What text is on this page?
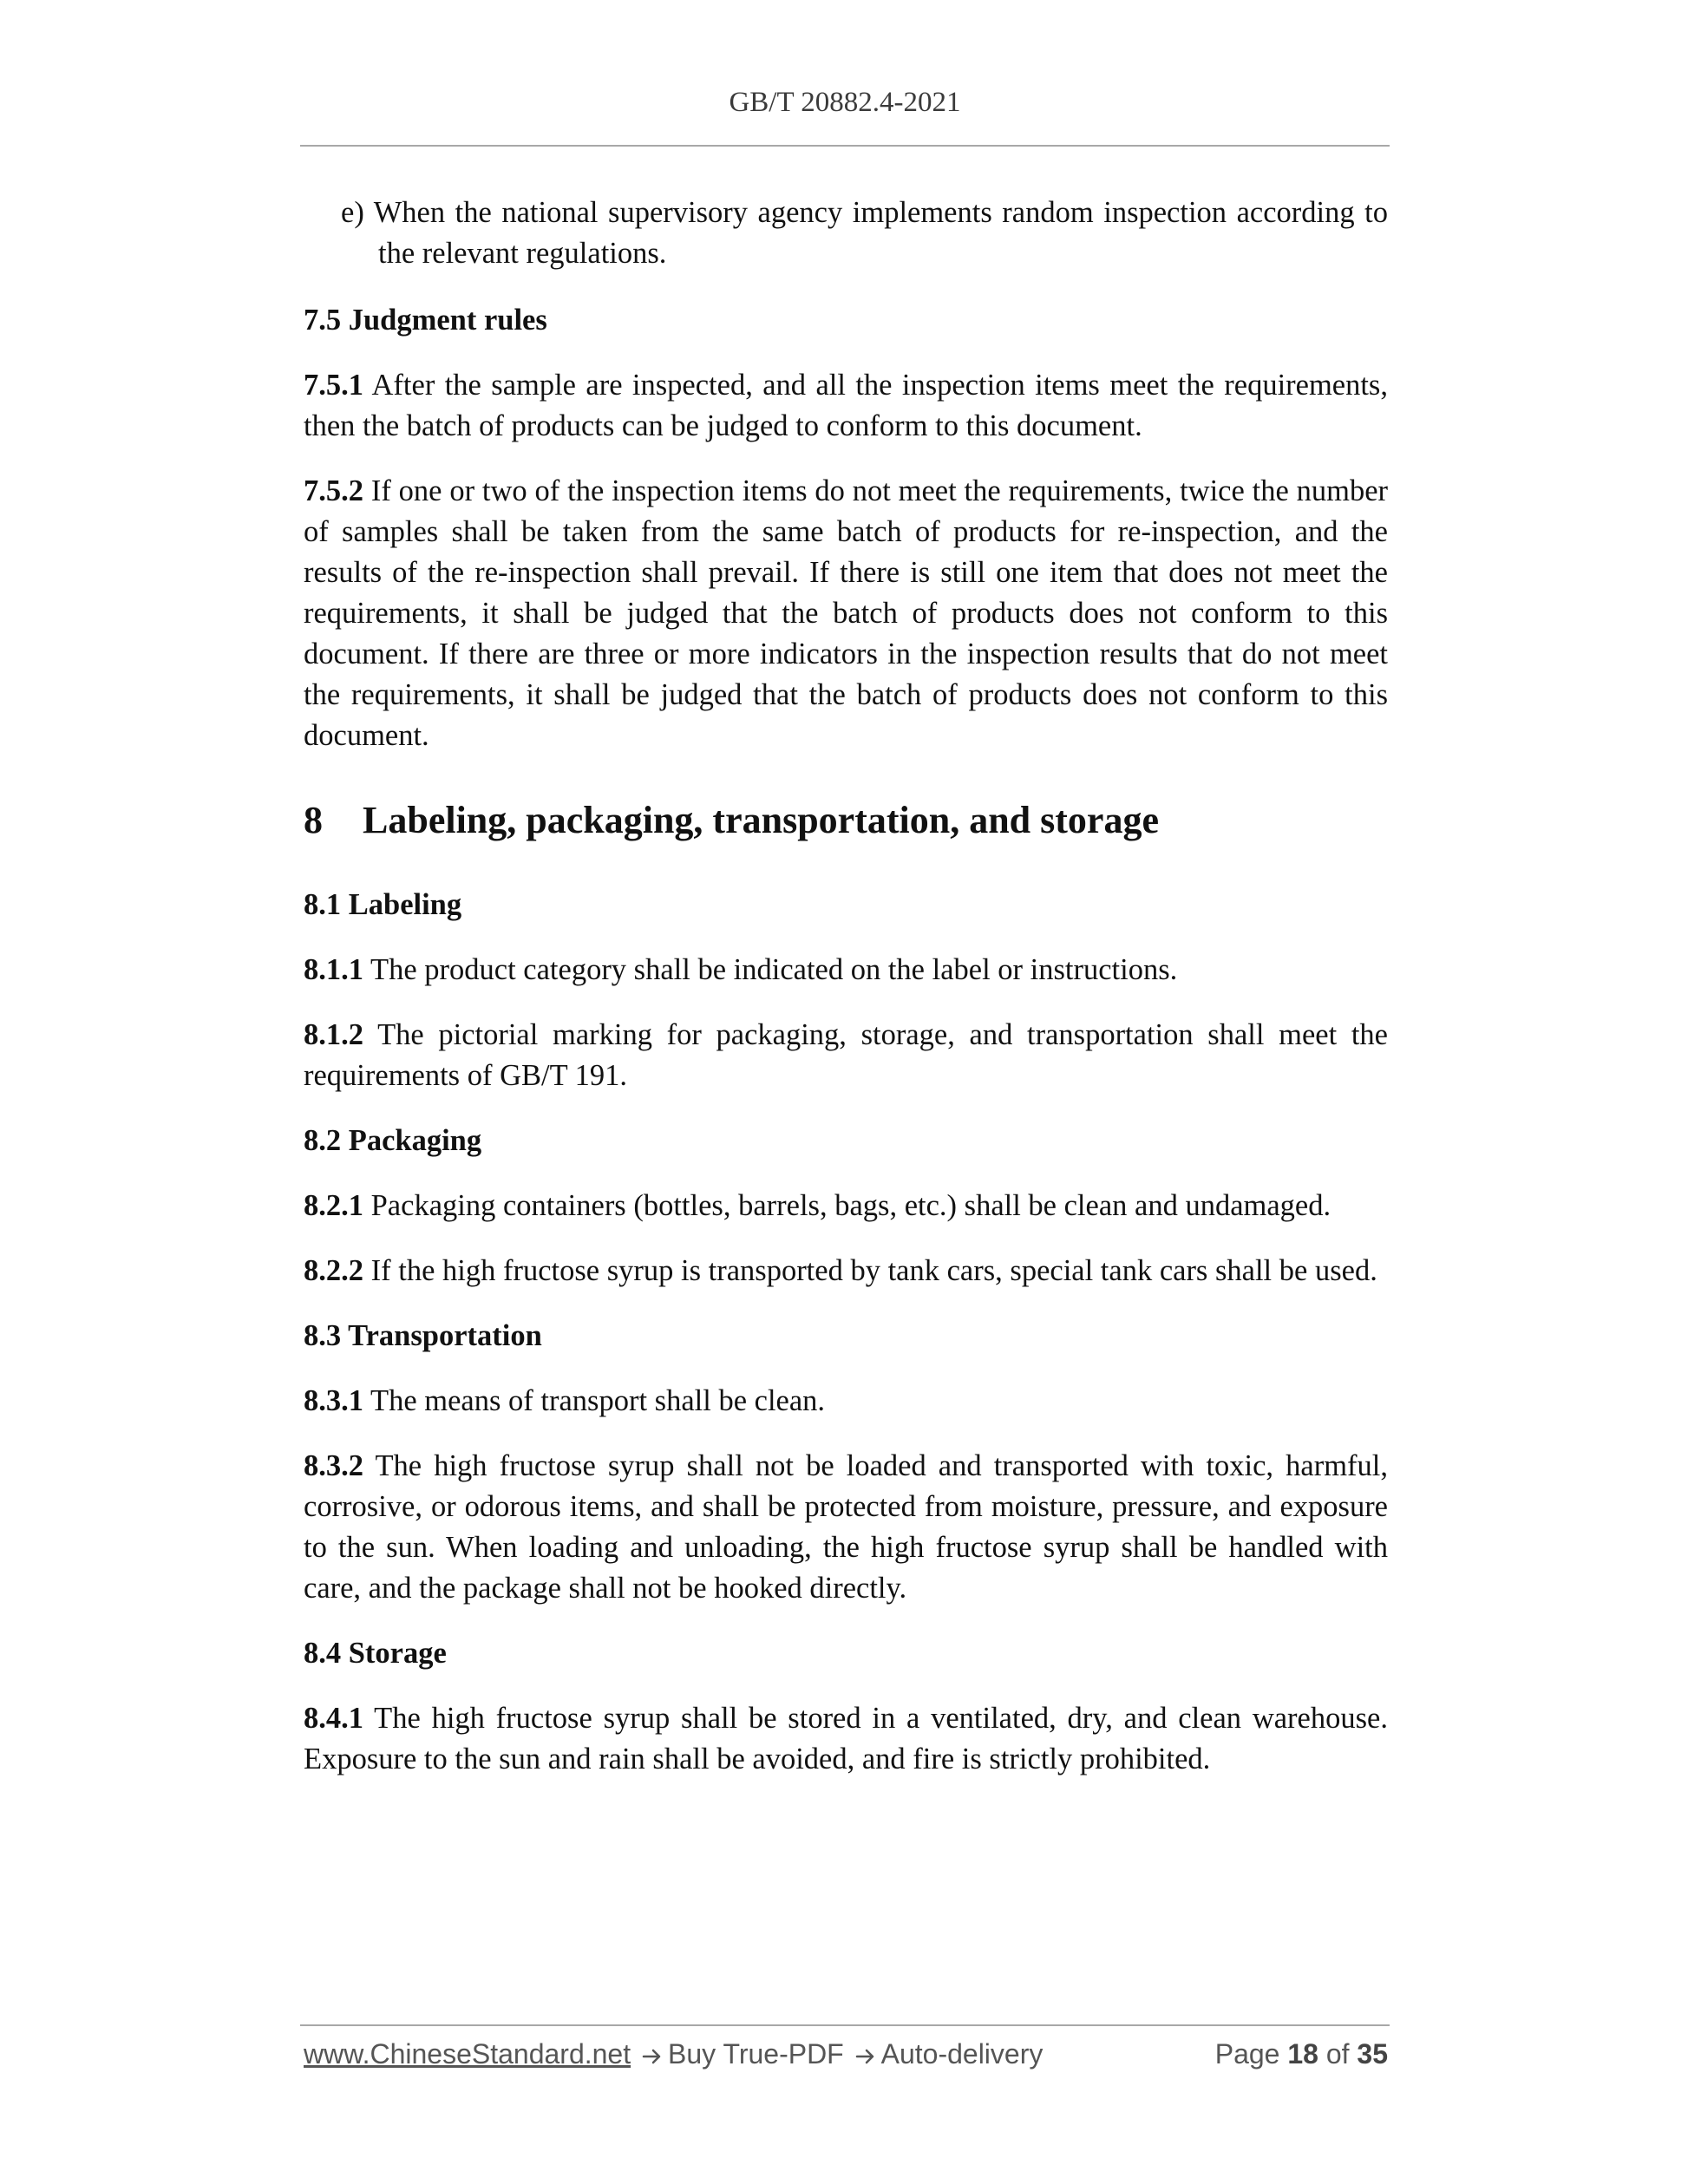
GB/T 20882.4-2021

e) When the national supervisory agency implements random inspection according to the relevant regulations.

7.5 Judgment rules

7.5.1 After the sample are inspected, and all the inspection items meet the requirements, then the batch of products can be judged to conform to this document.

7.5.2 If one or two of the inspection items do not meet the requirements, twice the number of samples shall be taken from the same batch of products for re-inspection, and the results of the re-inspection shall prevail. If there is still one item that does not meet the requirements, it shall be judged that the batch of products does not conform to this document. If there are three or more indicators in the inspection results that do not meet the requirements, it shall be judged that the batch of products does not conform to this document.

8 Labeling, packaging, transportation, and storage

8.1 Labeling

8.1.1 The product category shall be indicated on the label or instructions.

8.1.2 The pictorial marking for packaging, storage, and transportation shall meet the requirements of GB/T 191.

8.2 Packaging

8.2.1 Packaging containers (bottles, barrels, bags, etc.) shall be clean and undamaged.

8.2.2 If the high fructose syrup is transported by tank cars, special tank cars shall be used.

8.3 Transportation

8.3.1 The means of transport shall be clean.

8.3.2 The high fructose syrup shall not be loaded and transported with toxic, harmful, corrosive, or odorous items, and shall be protected from moisture, pressure, and exposure to the sun. When loading and unloading, the high fructose syrup shall be handled with care, and the package shall not be hooked directly.

8.4 Storage

8.4.1 The high fructose syrup shall be stored in a ventilated, dry, and clean warehouse. Exposure to the sun and rain shall be avoided, and fire is strictly prohibited.

www.ChineseStandard.net Buy True-PDF Auto-delivery	Page 18 of 35
